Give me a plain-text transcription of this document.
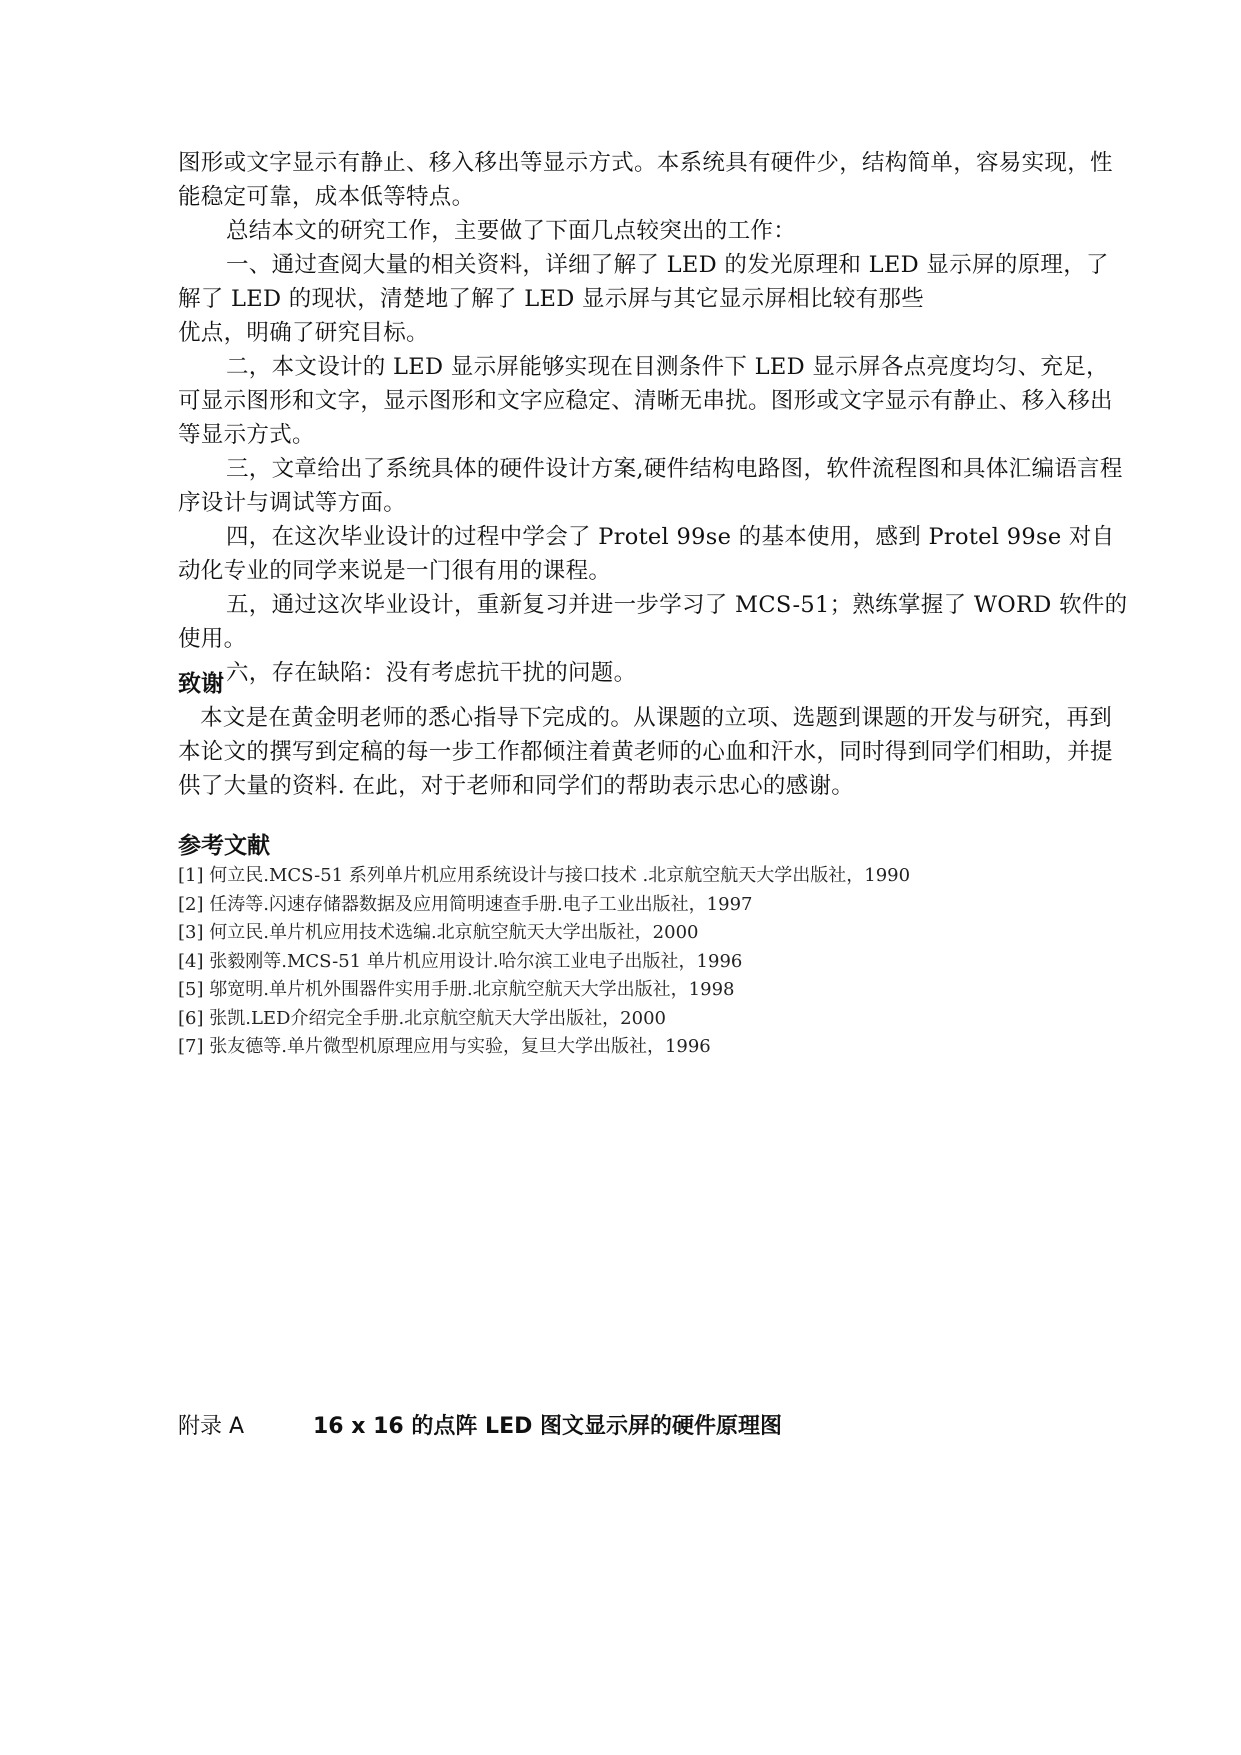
图形或文字显示有静止、移入移出等显示方式。本系统具有硬件少，结构简单，容易实现，性能稳定可靠，成本低等特点。

总结本文的研究工作，主要做了下面几点较突出的工作：

一、通过查阅大量的相关资料，详细了解了 LED 的发光原理和 LED 显示屏的原理，了解了 LED 的现状，清楚地了解了 LED 显示屏与其它显示屏相比较有那些

优点，明确了研究目标。

二，本文设计的 LED 显示屏能够实现在目测条件下 LED 显示屏各点亮度均匀、充足，可显示图形和文字，显示图形和文字应稳定、清晰无串扰。图形或文字显示有静止、移入移出等显示方式。

三，文章给出了系统具体的硬件设计方案,硬件结构电路图，软件流程图和具体汇编语言程序设计与调试等方面。

四，在这次毕业设计的过程中学会了 Protel 99se 的基本使用，感到 Protel 99se 对自动化专业的同学来说是一门很有用的课程。

五，通过这次毕业设计，重新复习并进一步学习了 MCS-51；熟练掌握了 WORD 软件的使用。

六，存在缺陷：没有考虑抗干扰的问题。

致谢

本文是在黄金明老师的悉心指导下完成的。从课题的立项、选题到课题的开发与研究，再到本论文的撰写到定稿的每一步工作都倾注着黄老师的心血和汗水，同时得到同学们相助，并提供了大量的资料. 在此，对于老师和同学们的帮助表示忠心的感谢。

参考文献
[1] 何立民.MCS-51 系列单片机应用系统设计与接口技术 .北京航空航天大学出版社，1990
[2] 任涛等.闪速存储器数据及应用简明速查手册.电子工业出版社，1997
[3] 何立民.单片机应用技术选编.北京航空航天大学出版社，2000
[4] 张毅刚等.MCS-51 单片机应用设计.哈尔滨工业电子出版社，1996
[5] 邬宽明.单片机外围器件实用手册.北京航空航天大学出版社，1998
[6] 张凯.LED介绍完全手册.北京航空航天大学出版社，2000
[7] 张友德等.单片微型机原理应用与实验，复旦大学出版社，1996
附录 A	16 x 16 的点阵 LED 图文显示屏的硬件原理图
